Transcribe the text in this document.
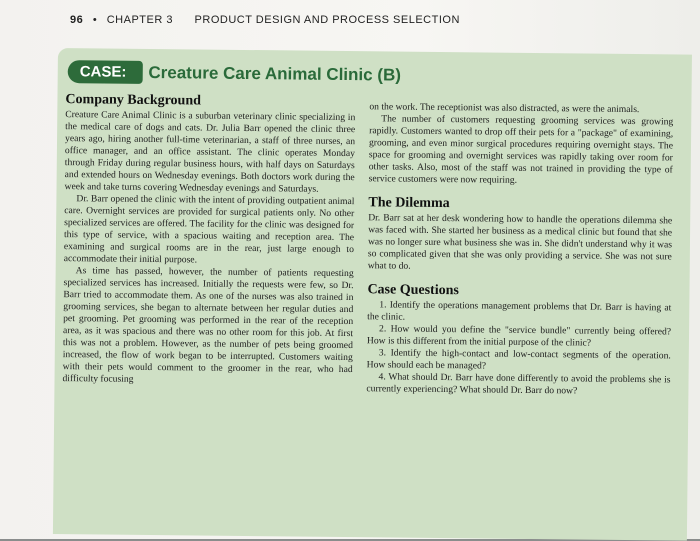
96 • CHAPTER 3 PRODUCT DESIGN AND PROCESS SELECTION
CASE:	Creature Care Animal Clinic (B)
Company Background

Creature Care Animal Clinic is a suburban veterinary clinic specializing in the medical care of dogs and cats. Dr. Julia Barr opened the clinic three years ago, hiring another full-time veterinarian, a staff of three nurses, an office manager, and an office assistant. The clinic operates Monday through Friday during regular business hours, with half days on Saturdays and extended hours on Wednesday evenings. Both doctors work during the week and take turns covering Wednesday evenings and Saturdays.

Dr. Barr opened the clinic with the intent of providing outpatient animal care. Overnight services are provided for surgical patients only. No other specialized services are offered. The facility for the clinic was designed for this type of service, with a spacious waiting and reception area. The examining and surgical rooms are in the rear, just large enough to accommodate their initial purpose.

As time has passed, however, the number of patients requesting specialized services has increased. Initially the requests were few, so Dr. Barr tried to accommodate them. As one of the nurses was also trained in grooming services, she began to alternate between her regular duties and pet grooming. Pet grooming was performed in the rear of the reception area, as it was spacious and there was no other room for this job. At first this was not a problem. However, as the number of pets being groomed increased, the flow of work began to be interrupted. Customers waiting with their pets would comment to the groomer in the rear, who had difficulty focusing

on the work. The receptionist was also distracted, as were the animals.

The number of customers requesting grooming services was growing rapidly. Customers wanted to drop off their pets for a "package" of examining, grooming, and even minor surgical procedures requiring overnight stays. The space for grooming and overnight services was rapidly taking over room for other tasks. Also, most of the staff was not trained in providing the type of service customers were now requiring.

The Dilemma

Dr. Barr sat at her desk wondering how to handle the operations dilemma she was faced with. She started her business as a medical clinic but found that she was no longer sure what business she was in. She didn't understand why it was so complicated given that she was only providing a service. She was not sure what to do.

Case Questions

1. Identify the operations management problems that Dr. Barr is having at the clinic.

2. How would you define the "service bundle" currently being offered? How is this different from the initial purpose of the clinic?

3. Identify the high-contact and low-contact segments of the operation. How should each be managed?

4. What should Dr. Barr have done differently to avoid the problems she is currently experiencing? What should Dr. Barr do now?
